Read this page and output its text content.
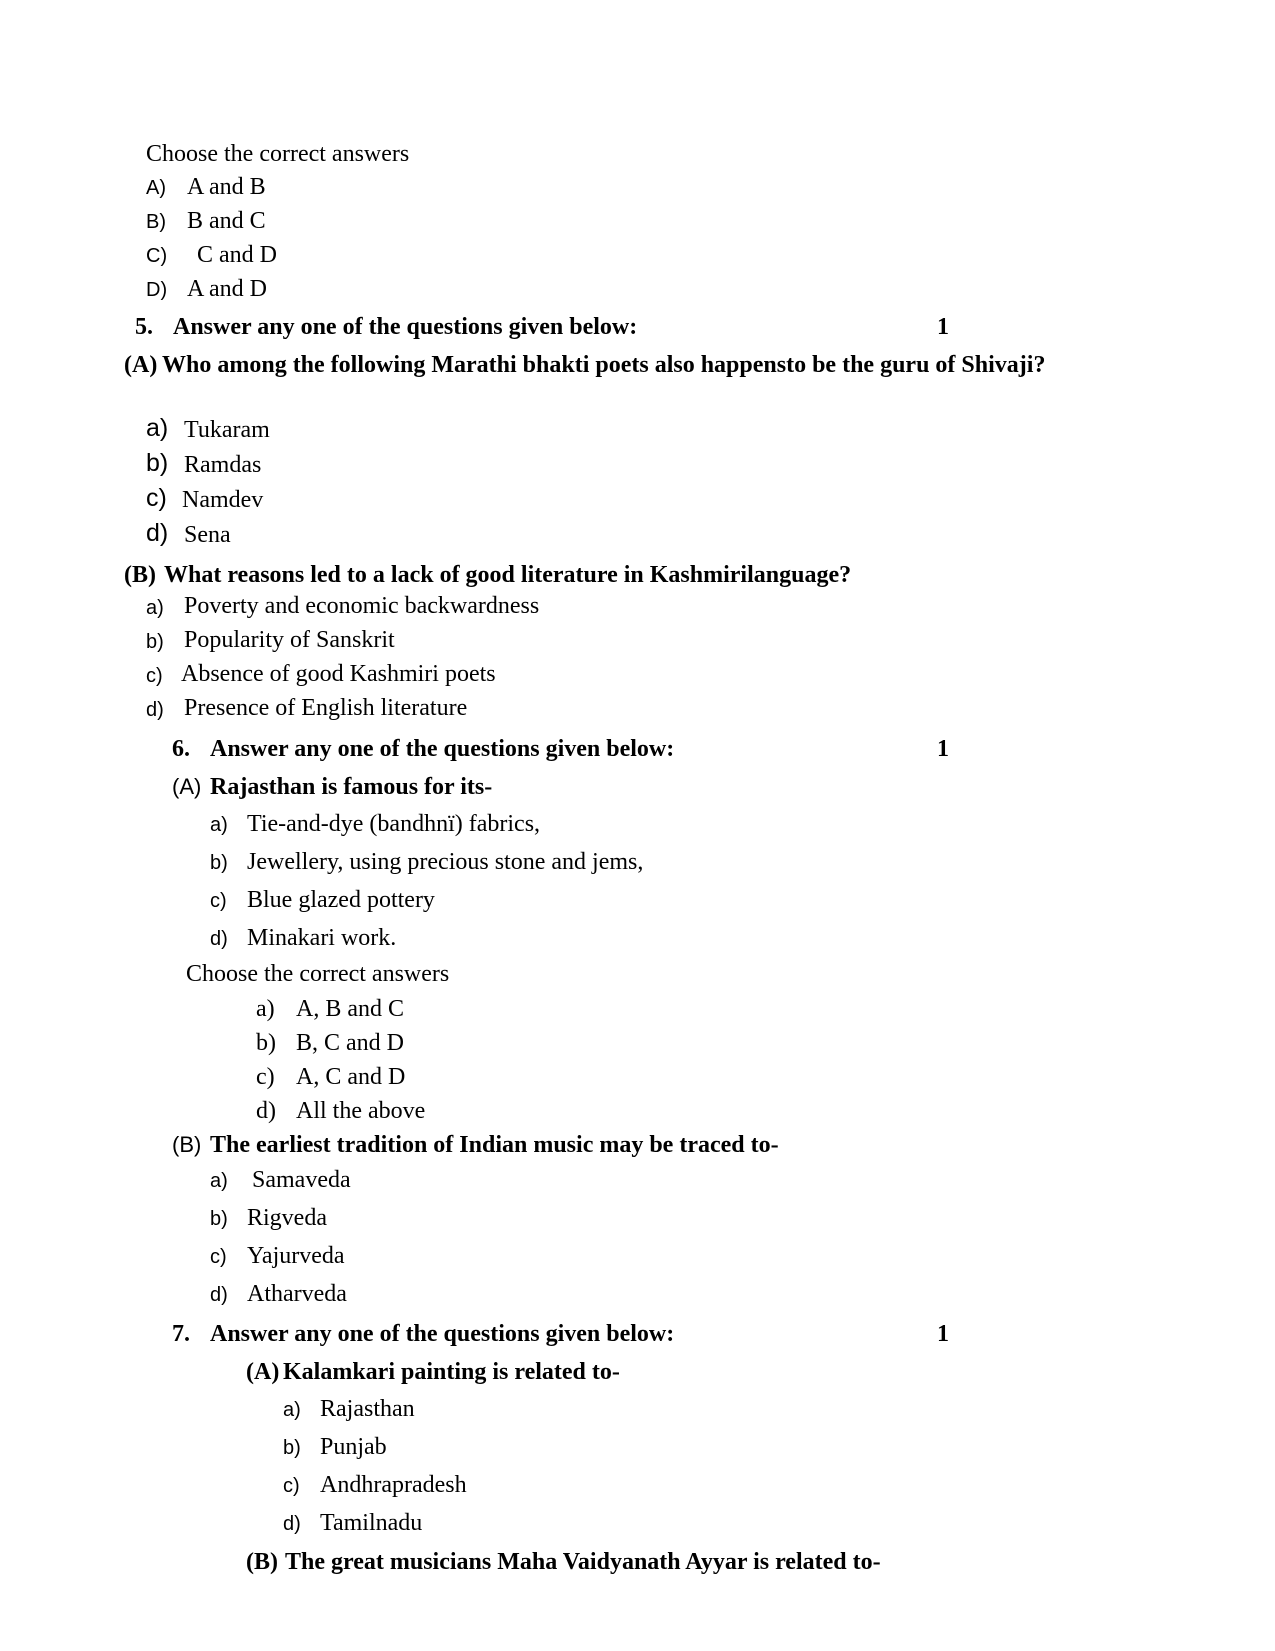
Choose the correct answers
A) A and B
B) B and C
C) C and D
D) A and D
5. Answer any one of the questions given below:	1
(A) Who among the following Marathi bhakti poets also happensto be the guru of Shivaji?
a) Tukaram
b) Ramdas
c) Namdev
d) Sena
(B) What reasons led to a lack of good literature in Kashmirilanguage?
a) Poverty and economic backwardness
b) Popularity of Sanskrit
c) Absence of good Kashmiri poets
d) Presence of English literature
6. Answer any one of the questions given below:	1
(A) Rajasthan is famous for its-
a) Tie-and-dye (bandhnï) fabrics,
b) Jewellery, using precious stone and jems,
c) Blue glazed pottery
d) Minakari work.
Choose the correct answers
a) A, B and C
b) B, C and D
c) A, C and D
d) All the above
(B) The earliest tradition of Indian music may be traced to-
a) Samaveda
b) Rigveda
c) Yajurveda
d) Atharveda
7. Answer any one of the questions given below:	1
(A) Kalamkari painting is related to-
a) Rajasthan
b) Punjab
c) Andhrapradesh
d) Tamilnadu
(B) The great musicians Maha Vaidyanath Ayyar is related to-
